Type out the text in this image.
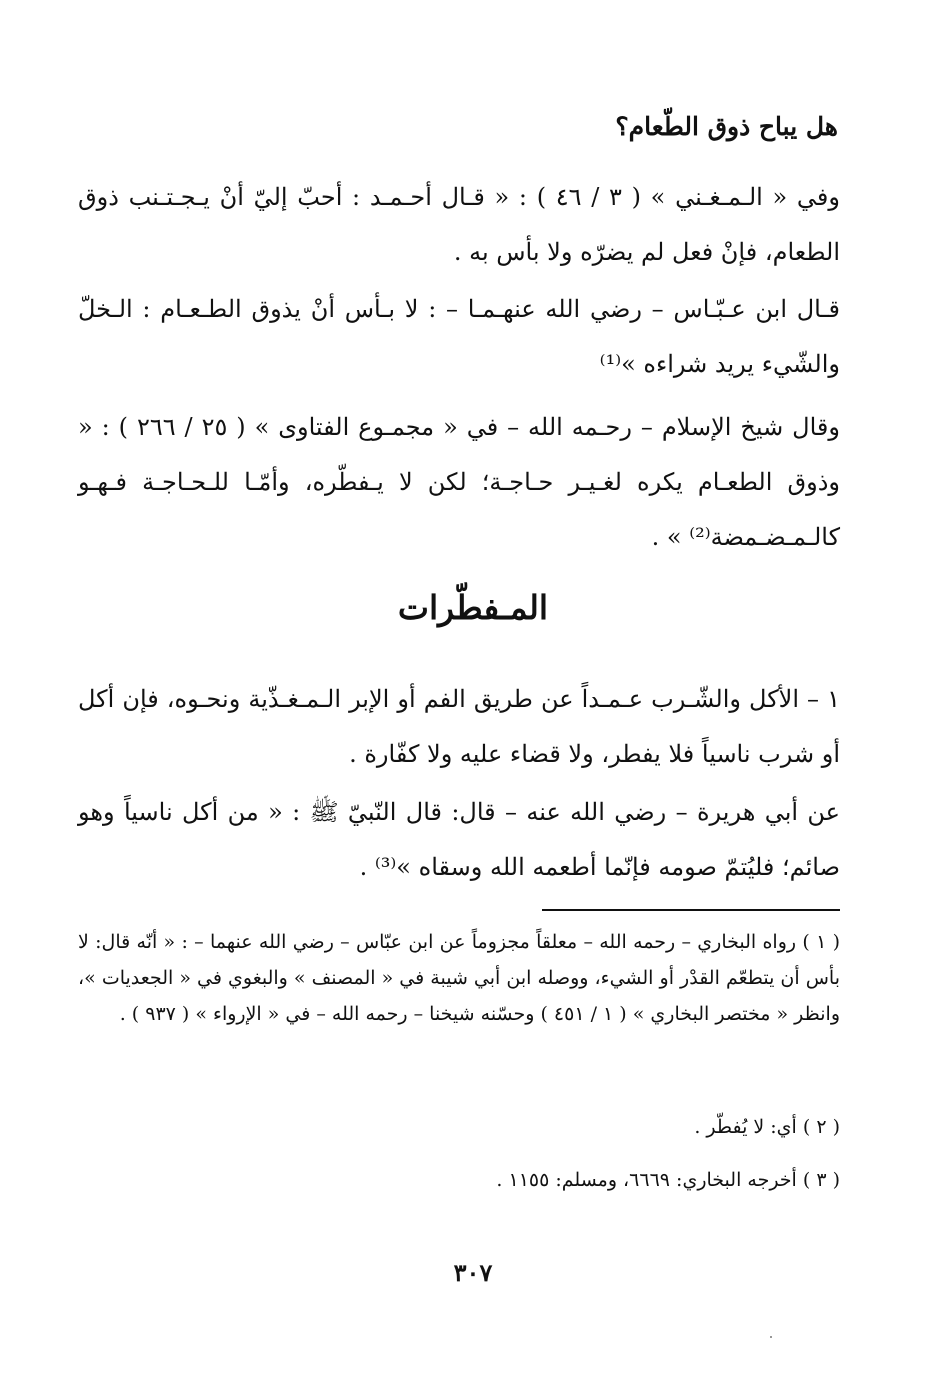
هل يباح ذوق الطّعام؟
وفي « الـمـغـني » ( ٣ / ٤٦ ) : « قـال أحـمـد : أحبّ إليّ أنْ يـجـتـنب ذوق الطعام، فإنْ فعل لم يضرّه ولا بأس به .
قـال ابن عـبّـاس – رضي الله عنهـمـا – : لا بـأس أنْ يذوق الطـعـام : الـخلّ والشّيء يريد شراءه »⁽¹⁾
وقال شيخ الإسلام – رحـمه الله – في « مجمـوع الفتاوى » ( ٢٥ / ٢٦٦ ) : « وذوق الطعـام يكره لغـيـر حـاجـة؛ لكن لا يـفطّره، وأمّـا للـحـاجـة فـهـو كالـمـضـمضة⁽²⁾ » .
المـفطّرات
١ – الأكل والشّـرب عـمـداً عن طريق الفم أو الإبر الـمـغـذّية ونحـوه، فإن أكل أو شرب ناسياً فلا يفطر، ولا قضاء عليه ولا كفّارة .
عن أبي هريرة – رضي الله عنه – قال: قال النّبيّ ﷺ : « من أكل ناسياً وهو صائم؛ فليُتمّ صومه فإنّما أطعمه الله وسقاه »⁽³⁾ .
( ١ ) رواه البخاري – رحمه الله – معلقاً مجزوماً عن ابن عبّاس – رضي الله عنهما – : « أنّه قال: لا بأس أن يتطعّم القدْر أو الشيء، ووصله ابن أبي شيبة في « المصنف » والبغوي في « الجعديات »، وانظر « مختصر البخاري » ( ١ / ٤٥١ ) وحسّنه شيخنا – رحمه الله – في « الإرواء » ( ٩٣٧ ) .
( ٢ ) أي: لا يُفطّر .
( ٣ ) أخرجه البخاري: ٦٦٦٩، ومسلم: ١١٥٥ .
٣٠٧
